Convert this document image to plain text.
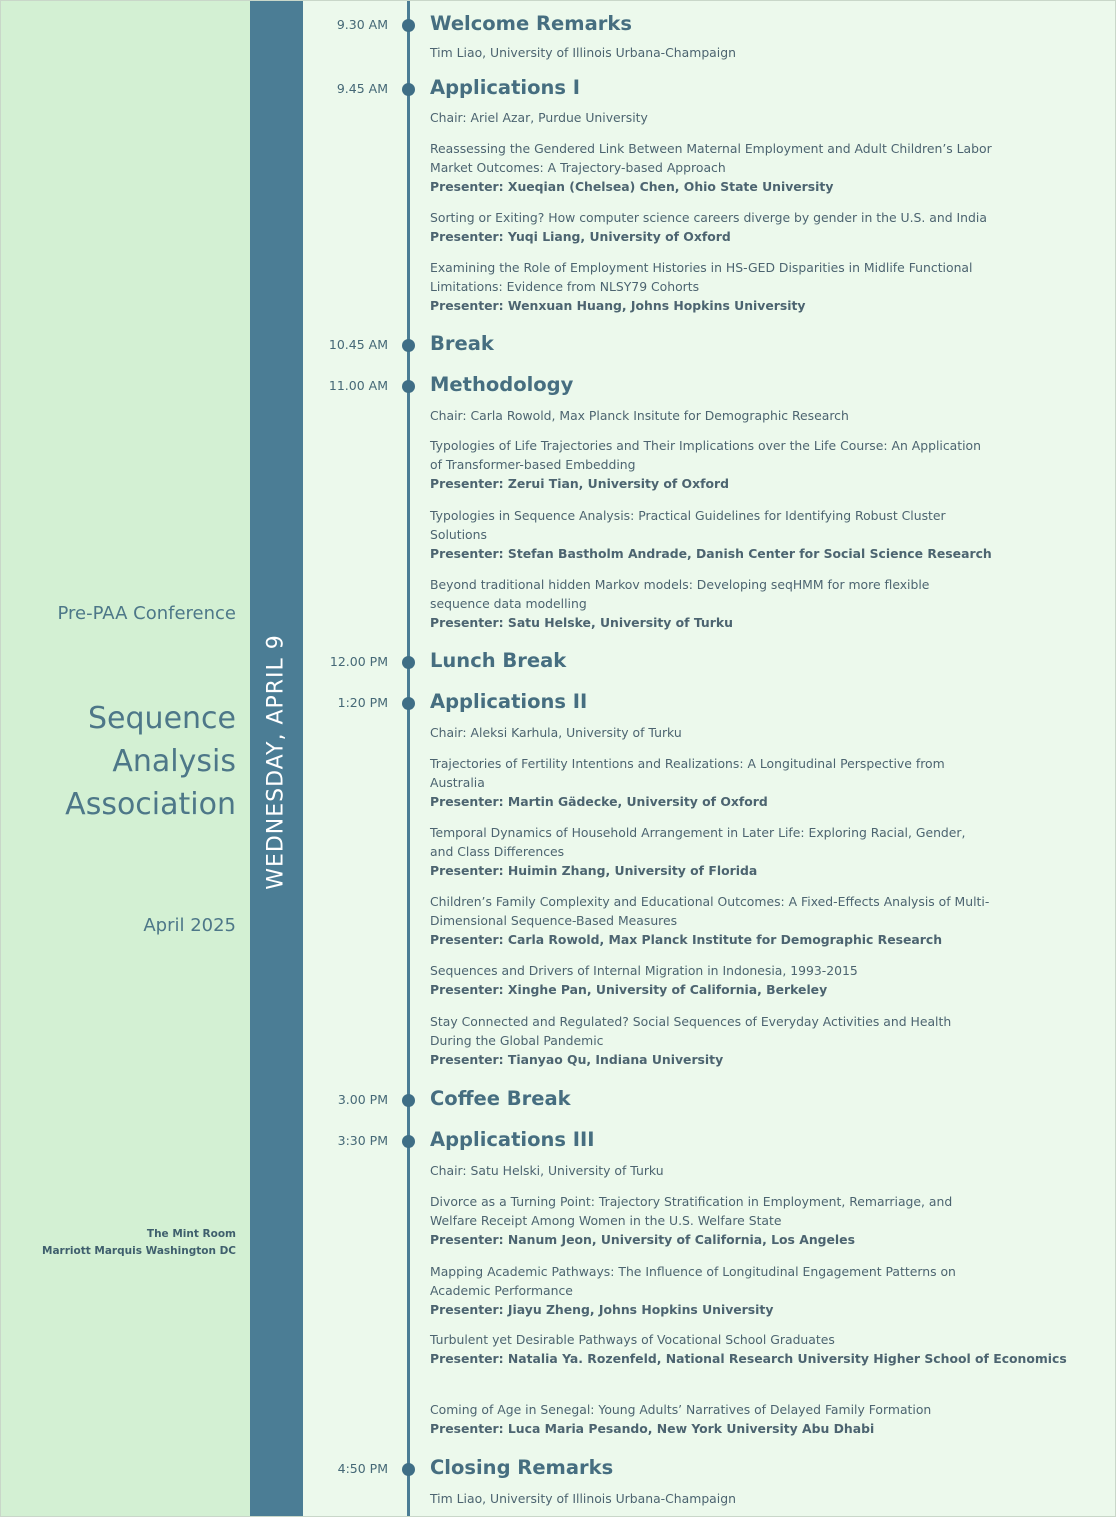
WEDNESDAY, APRIL 9
Pre-PAA Conference
Sequence
Analysis
Association
April 2025
The Mint Room
Marriott Marquis Washington DC
9.30 AM Welcome Remarks
Tim Liao, University of Illinois Urbana-Champaign
9.45 AM Applications I
Chair: Ariel Azar, Purdue University
Reassessing the Gendered Link Between Maternal Employment and Adult Children’s Labor
Market Outcomes: A Trajectory-based Approach
Presenter: Xueqian (Chelsea) Chen, Ohio State University
Sorting or Exiting? How computer science careers diverge by gender in the U.S. and India
Presenter: Yuqi Liang, University of Oxford
Examining the Role of Employment Histories in HS-GED Disparities in Midlife Functional
Limitations: Evidence from NLSY79 Cohorts
Presenter: Wenxuan Huang, Johns Hopkins University
10.45 AM Break
11.00 AM Methodology
Chair: Carla Rowold, Max Planck Insitute for Demographic Research
Typologies of Life Trajectories and Their Implications over the Life Course: An Application
of Transformer-based Embedding
Presenter: Zerui Tian, University of Oxford
Typologies in Sequence Analysis: Practical Guidelines for Identifying Robust Cluster
Solutions
Presenter: Stefan Bastholm Andrade, Danish Center for Social Science Research
Beyond traditional hidden Markov models: Developing seqHMM for more flexible
sequence data modelling
Presenter: Satu Helske, University of Turku
12.00 PM Lunch Break
1:20 PM Applications II
Chair: Aleksi Karhula, University of Turku
Trajectories of Fertility Intentions and Realizations: A Longitudinal Perspective from
Australia
Presenter: Martin Gädecke, University of Oxford
Temporal Dynamics of Household Arrangement in Later Life: Exploring Racial, Gender,
and Class Differences
Presenter: Huimin Zhang, University of Florida
Children’s Family Complexity and Educational Outcomes: A Fixed-Effects Analysis of Multi-
Dimensional Sequence-Based Measures
Presenter: Carla Rowold, Max Planck Institute for Demographic Research
Sequences and Drivers of Internal Migration in Indonesia, 1993-2015
Presenter: Xinghe Pan, University of California, Berkeley
Stay Connected and Regulated? Social Sequences of Everyday Activities and Health
During the Global Pandemic
Presenter: Tianyao Qu, Indiana University
3.00 PM Coffee Break
3:30 PM Applications III
Chair: Satu Helski, University of Turku
Divorce as a Turning Point: Trajectory Stratification in Employment, Remarriage, and
Welfare Receipt Among Women in the U.S. Welfare State
Presenter: Nanum Jeon, University of California, Los Angeles
Mapping Academic Pathways: The Influence of Longitudinal Engagement Patterns on
Academic Performance
Presenter: Jiayu Zheng, Johns Hopkins University
Turbulent yet Desirable Pathways of Vocational School Graduates
Presenter: Natalia Ya. Rozenfeld, National Research University Higher School of Economics
Coming of Age in Senegal: Young Adults’ Narratives of Delayed Family Formation
Presenter: Luca Maria Pesando, New York University Abu Dhabi
4:50 PM Closing Remarks
Tim Liao, University of Illinois Urbana-Champaign
